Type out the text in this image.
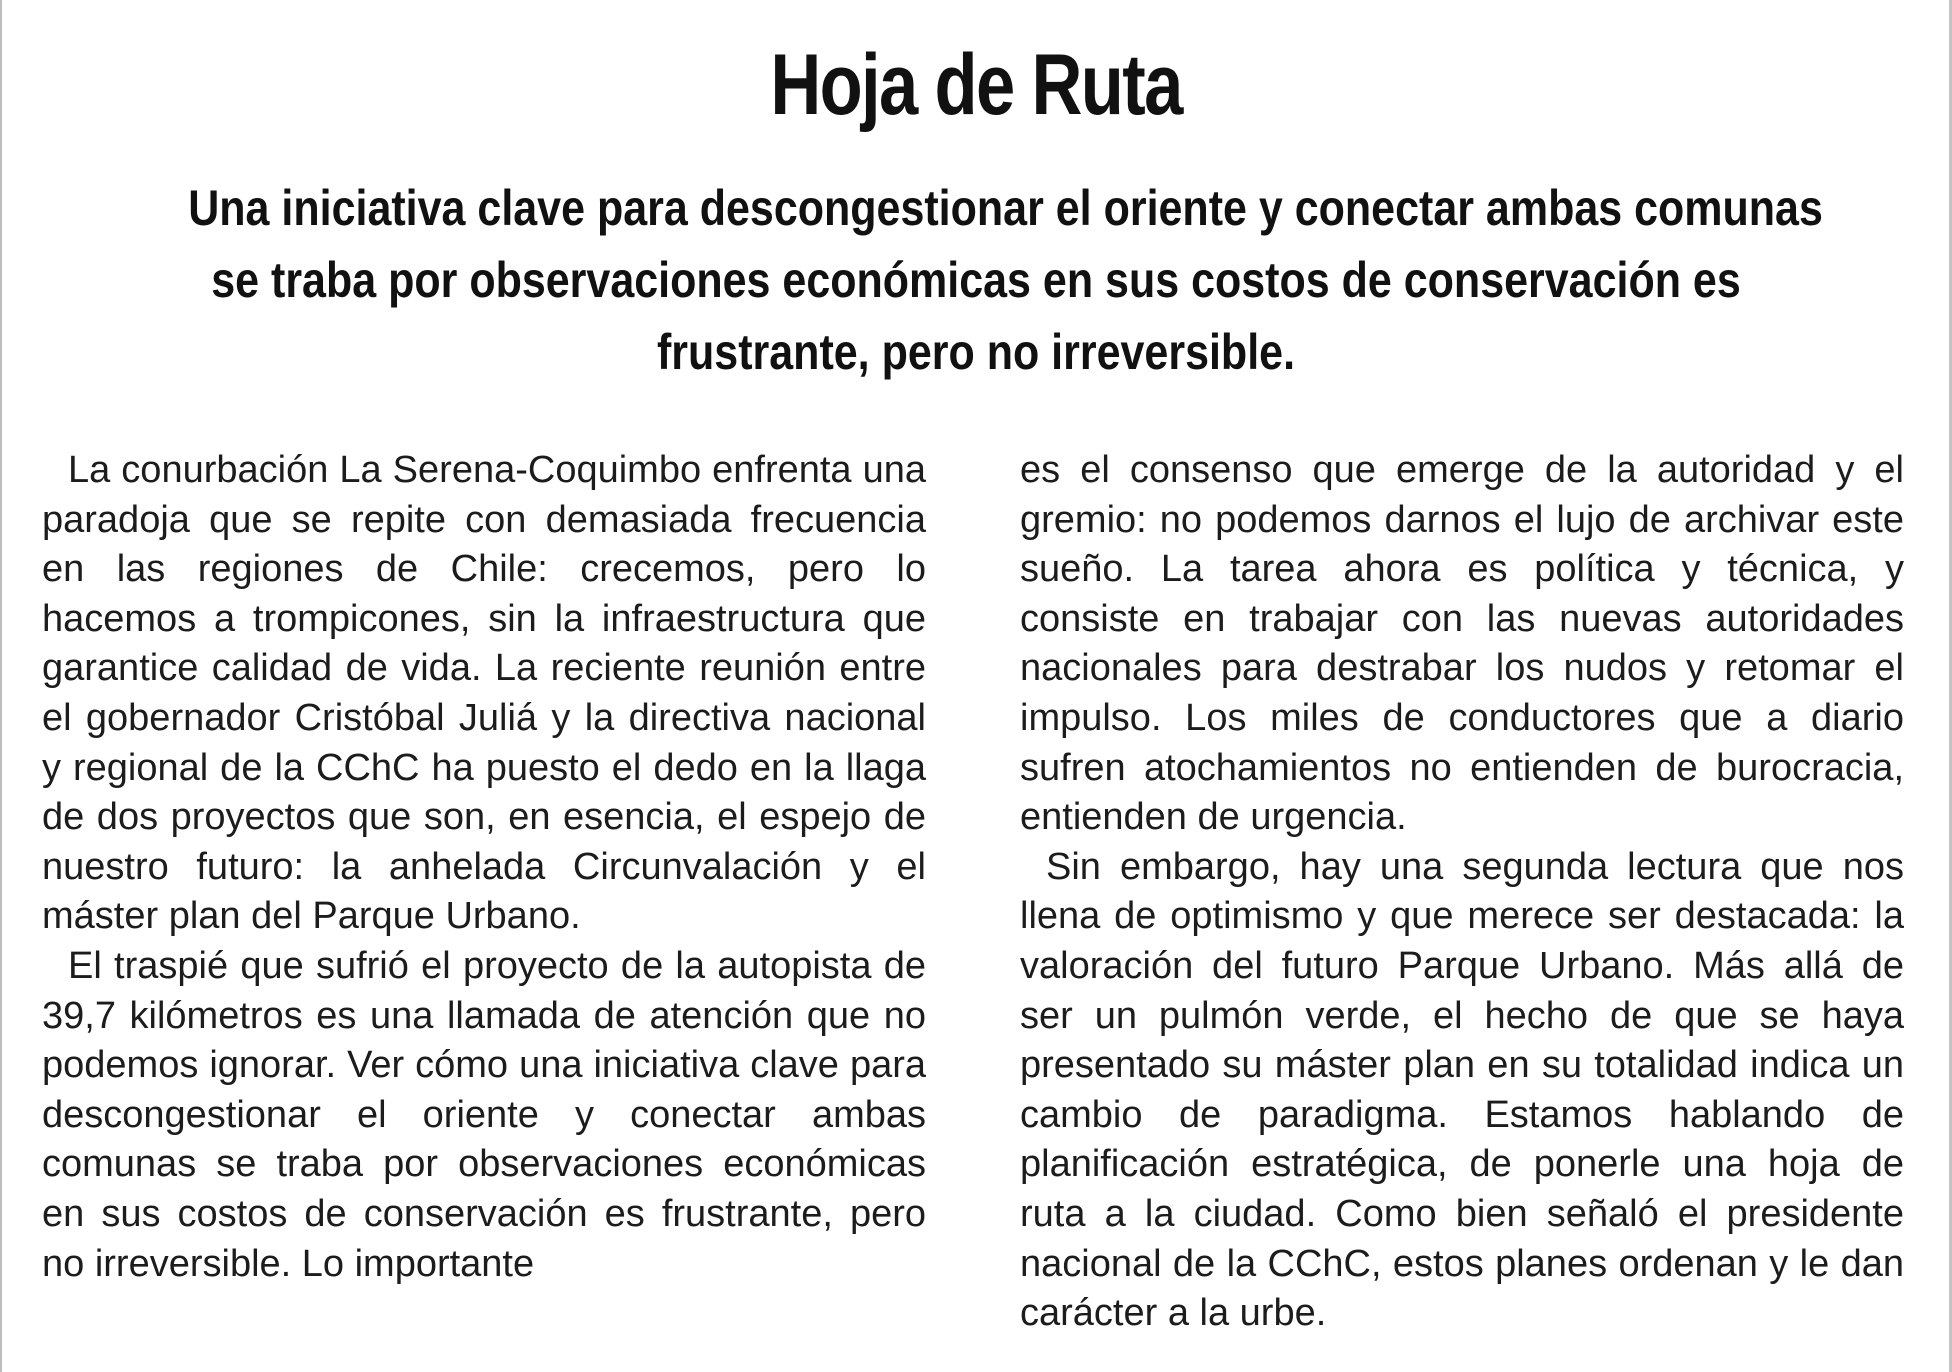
Hoja de Ruta
Una iniciativa clave para descongestionar el oriente y conectar ambas comunas
se traba por observaciones económicas en sus costos de conservación es
frustrante, pero no irreversible.

La conurbación La Serena-Coquimbo enfrenta una paradoja que se repite con demasiada frecuencia en las regiones de Chile: crecemos, pero lo hacemos a trompicones, sin la infraestructura que garantice calidad de vida. La reciente reunión entre el gobernador Cristóbal Juliá y la directiva nacional y regional de la CChC ha puesto el dedo en la llaga de dos proyectos que son, en esencia, el espejo de nuestro futuro: la anhelada Circunvalación y el máster plan del Parque Urbano.

El traspié que sufrió el proyecto de la autopista de 39,7 kilómetros es una llamada de atención que no podemos ignorar. Ver cómo una iniciativa clave para descongestionar el oriente y conectar ambas comunas se traba por observaciones económicas en sus costos de conservación es frustrante, pero no irreversible. Lo importante

es el consenso que emerge de la autoridad y el gremio: no podemos darnos el lujo de archivar este sueño. La tarea ahora es política y técnica, y consiste en trabajar con las nuevas autoridades nacionales para destrabar los nudos y retomar el impulso. Los miles de conductores que a diario sufren atochamientos no entienden de burocracia, entienden de urgencia.

Sin embargo, hay una segunda lectura que nos llena de optimismo y que merece ser destacada: la valoración del futuro Parque Urbano. Más allá de ser un pulmón verde, el hecho de que se haya presentado su máster plan en su totalidad indica un cambio de paradigma. Estamos hablando de planificación estratégica, de ponerle una hoja de ruta a la ciudad. Como bien señaló el presidente nacional de la CChC, estos planes ordenan y le dan carácter a la urbe.
